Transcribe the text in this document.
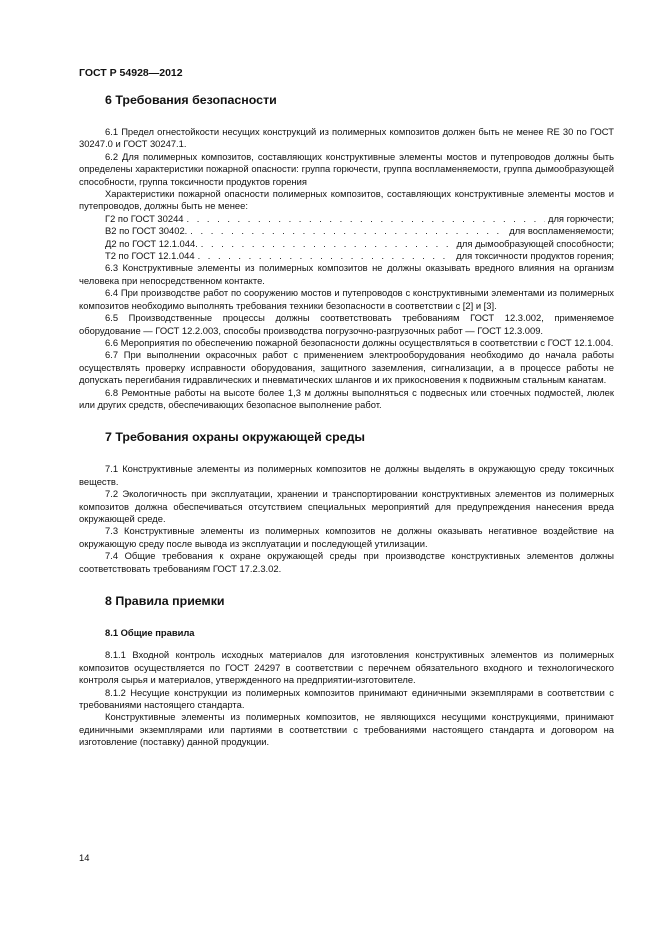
ГОСТ Р 54928—2012
6 Требования безопасности

6.1 Предел огнестойкости несущих конструкций из полимерных композитов должен быть не менее RE 30 по ГОСТ 30247.0 и ГОСТ 30247.1.

6.2 Для полимерных композитов, составляющих конструктивные элементы мостов и путепроводов должны быть определены характеристики пожарной опасности: группа горючести, группа воспламеняемости, группа дымообразующей способности, группа токсичности продуктов горения

Характеристики пожарной опасности полимерных композитов, составляющих конструктивные элементы мостов и путепроводов, должны быть не менее:

Г2 по ГОСТ 30244 . . .	для горючести;
В2 по ГОСТ 30402. . . .	для воспламеняемости;
Д2 по ГОСТ 12.1.044. . . .	для дымообразующей способности;
Т2 по ГОСТ 12.1.044 . . .	для токсичности продуктов горения;

6.3 Конструктивные элементы из полимерных композитов не должны оказывать вредного влияния на организм человека при непосредственном контакте.

6.4 При производстве работ по сооружению мостов и путепроводов с конструктивными элементами из полимерных композитов необходимо выполнять требования техники безопасности в соответствии с [2] и [3].

6.5 Производственные процессы должны соответствовать требованиям ГОСТ 12.3.002, применяемое оборудование — ГОСТ 12.2.003, способы производства погрузочно-разгрузочных работ — ГОСТ 12.3.009.

6.6 Мероприятия по обеспечению пожарной безопасности должны осуществляться в соответствии с ГОСТ 12.1.004.

6.7 При выполнении окрасочных работ с применением электрооборудования необходимо до начала работы осуществлять проверку исправности оборудования, защитного заземления, сигнализации, а в процессе работы не допускать перегибания гидравлических и пневматических шлангов и их прикосновения к подвижным стальным канатам.

6.8 Ремонтные работы на высоте более 1,3 м должны выполняться с подвесных или стоечных подмостей, люлек или других средств, обеспечивающих безопасное выполнение работ.

7 Требования охраны окружающей среды

7.1 Конструктивные элементы из полимерных композитов не должны выделять в окружающую среду токсичных веществ.

7.2 Экологичность при эксплуатации, хранении и транспортировании конструктивных элементов из полимерных композитов должна обеспечиваться отсутствием специальных мероприятий для предупреждения нанесения вреда окружающей среде.

7.3 Конструктивные элементы из полимерных композитов не должны оказывать негативное воздействие на окружающую среду после вывода из эксплуатации и последующей утилизации.

7.4 Общие требования к охране окружающей среды при производстве конструктивных элементов должны соответствовать требованиям ГОСТ 17.2.3.02.

8 Правила приемки

8.1 Общие правила

8.1.1 Входной контроль исходных материалов для изготовления конструктивных элементов из полимерных композитов осуществляется по ГОСТ 24297 в соответствии с перечнем обязательного входного и технологического контроля сырья и материалов, утвержденного на предприятии-изготовителе.

8.1.2 Несущие конструкции из полимерных композитов принимают единичными экземплярами в соответствии с требованиями настоящего стандарта.

Конструктивные элементы из полимерных композитов, не являющихся несущими конструкциями, принимают единичными экземплярами или партиями в соответствии с требованиями настоящего стандарта и договором на изготовление (поставку) данной продукции.

14
